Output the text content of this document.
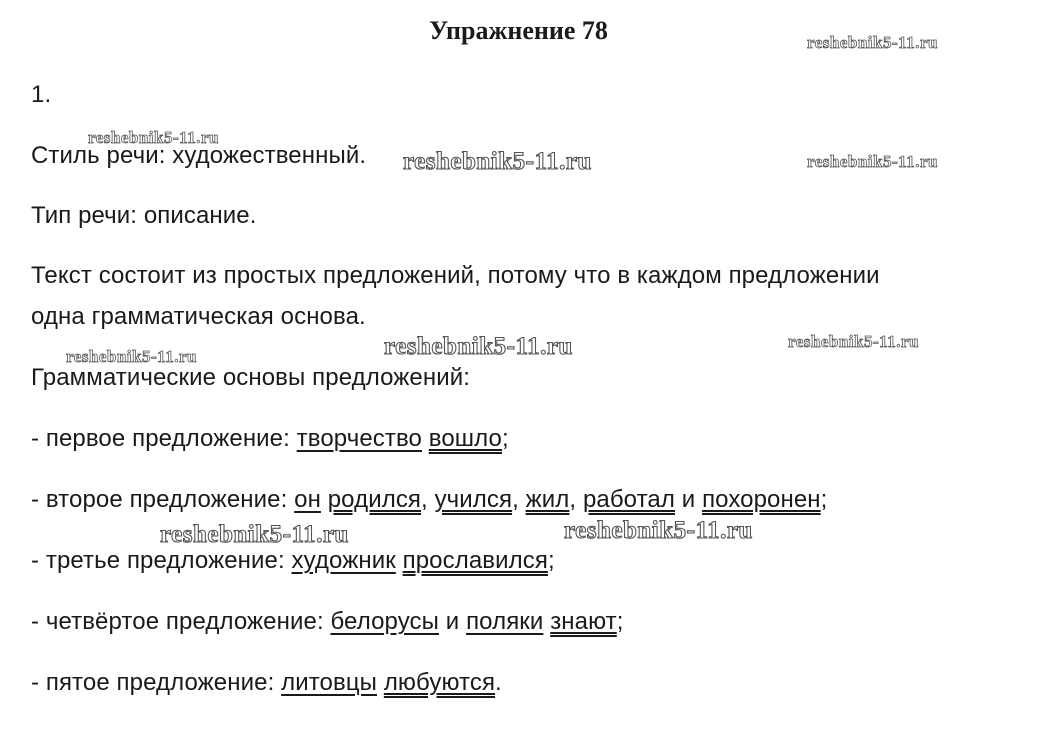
Упражнение 78
1.
Стиль речи: художественный.
Тип речи: описание.
Текст состоит из простых предложений, потому что в каждом предложении
одна грамматическая основа.
Грамматические основы предложений:
- первое предложение: творчество вошло;
- второе предложение: он родился, учился, жил, работал и похоронен;
- третье предложение: художник прославился;
- четвёртое предложение: белорусы и поляки знают;
- пятое предложение: литовцы любуются.
reshebnik5-11.ru
reshebnik5-11.ru
reshebnik5-11.ru	reshebnik5-11.ru
reshebnik5-11.ru
reshebnik5-11.ru
reshebnik5-11.ru
reshebnik5-11.ru	reshebnik5-11.ru
